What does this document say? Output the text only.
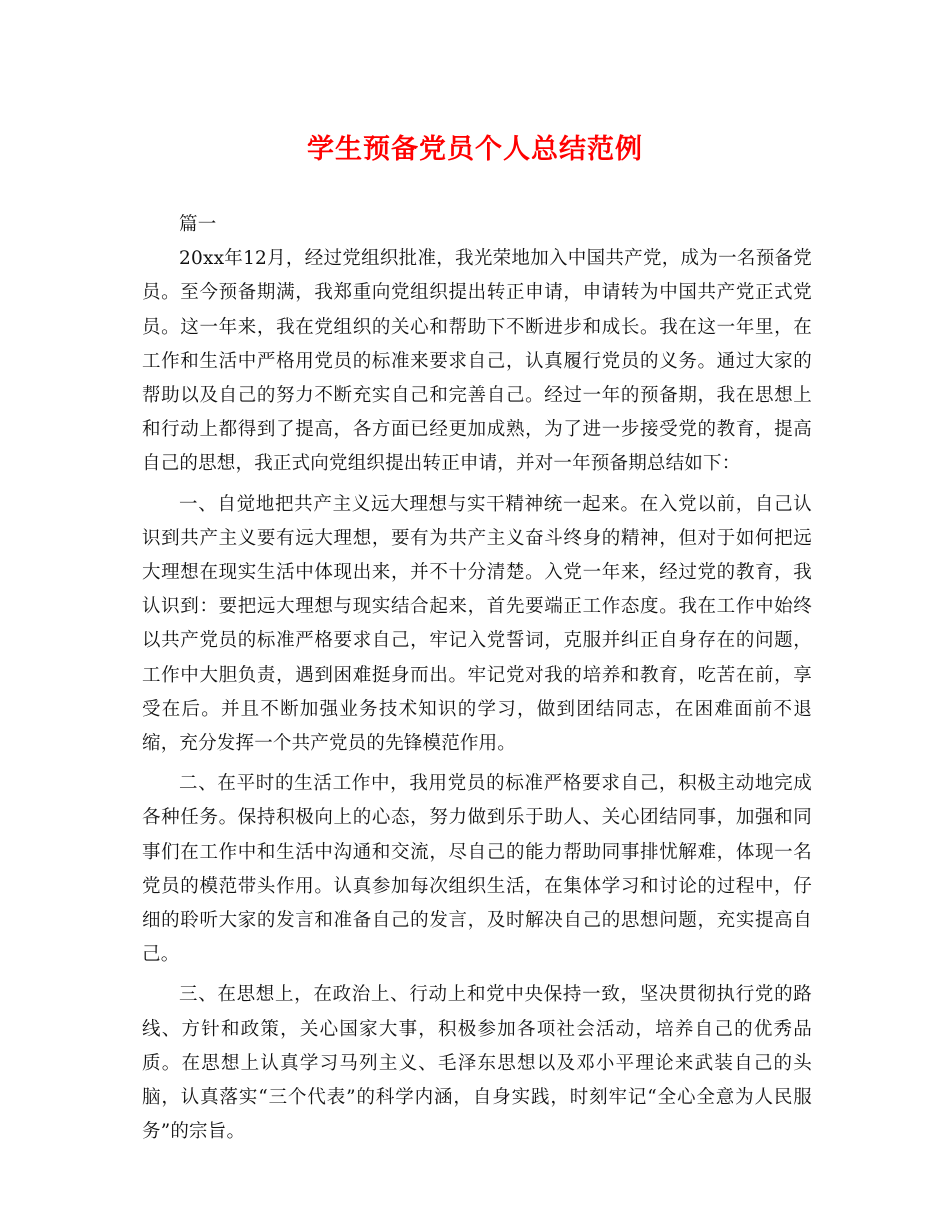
学生预备党员个人总结范例

篇一

20xx年12月，经过党组织批准，我光荣地加入中国共产党，成为一名预备党员。至今预备期满，我郑重向党组织提出转正申请，申请转为中国共产党正式党员。这一年来，我在党组织的关心和帮助下不断进步和成长。我在这一年里，在工作和生活中严格用党员的标准来要求自己，认真履行党员的义务。通过大家的帮助以及自己的努力不断充实自己和完善自己。经过一年的预备期，我在思想上和行动上都得到了提高，各方面已经更加成熟，为了进一步接受党的教育，提高自己的思想，我正式向党组织提出转正申请，并对一年预备期总结如下：

一、自觉地把共产主义远大理想与实干精神统一起来。在入党以前，自己认识到共产主义要有远大理想，要有为共产主义奋斗终身的精神，但对于如何把远大理想在现实生活中体现出来，并不十分清楚。入党一年来，经过党的教育，我认识到：要把远大理想与现实结合起来，首先要端正工作态度。我在工作中始终以共产党员的标准严格要求自己，牢记入党誓词，克服并纠正自身存在的问题，工作中大胆负责，遇到困难挺身而出。牢记党对我的培养和教育，吃苦在前，享受在后。并且不断加强业务技术知识的学习，做到团结同志，在困难面前不退缩，充分发挥一个共产党员的先锋模范作用。

二、在平时的生活工作中，我用党员的标准严格要求自己，积极主动地完成各种任务。保持积极向上的心态，努力做到乐于助人、关心团结同事，加强和同事们在工作中和生活中沟通和交流，尽自己的能力帮助同事排忧解难，体现一名党员的模范带头作用。认真参加每次组织生活，在集体学习和讨论的过程中，仔细的聆听大家的发言和准备自己的发言，及时解决自己的思想问题，充实提高自己。

三、在思想上，在政治上、行动上和党中央保持一致，坚决贯彻执行党的路线、方针和政策，关心国家大事，积极参加各项社会活动，培养自己的优秀品质。在思想上认真学习马列主义、毛泽东思想以及邓小平理论来武装自己的头脑，认真落实“三个代表”的科学内涵，自身实践，时刻牢记“全心全意为人民服务”的宗旨。
